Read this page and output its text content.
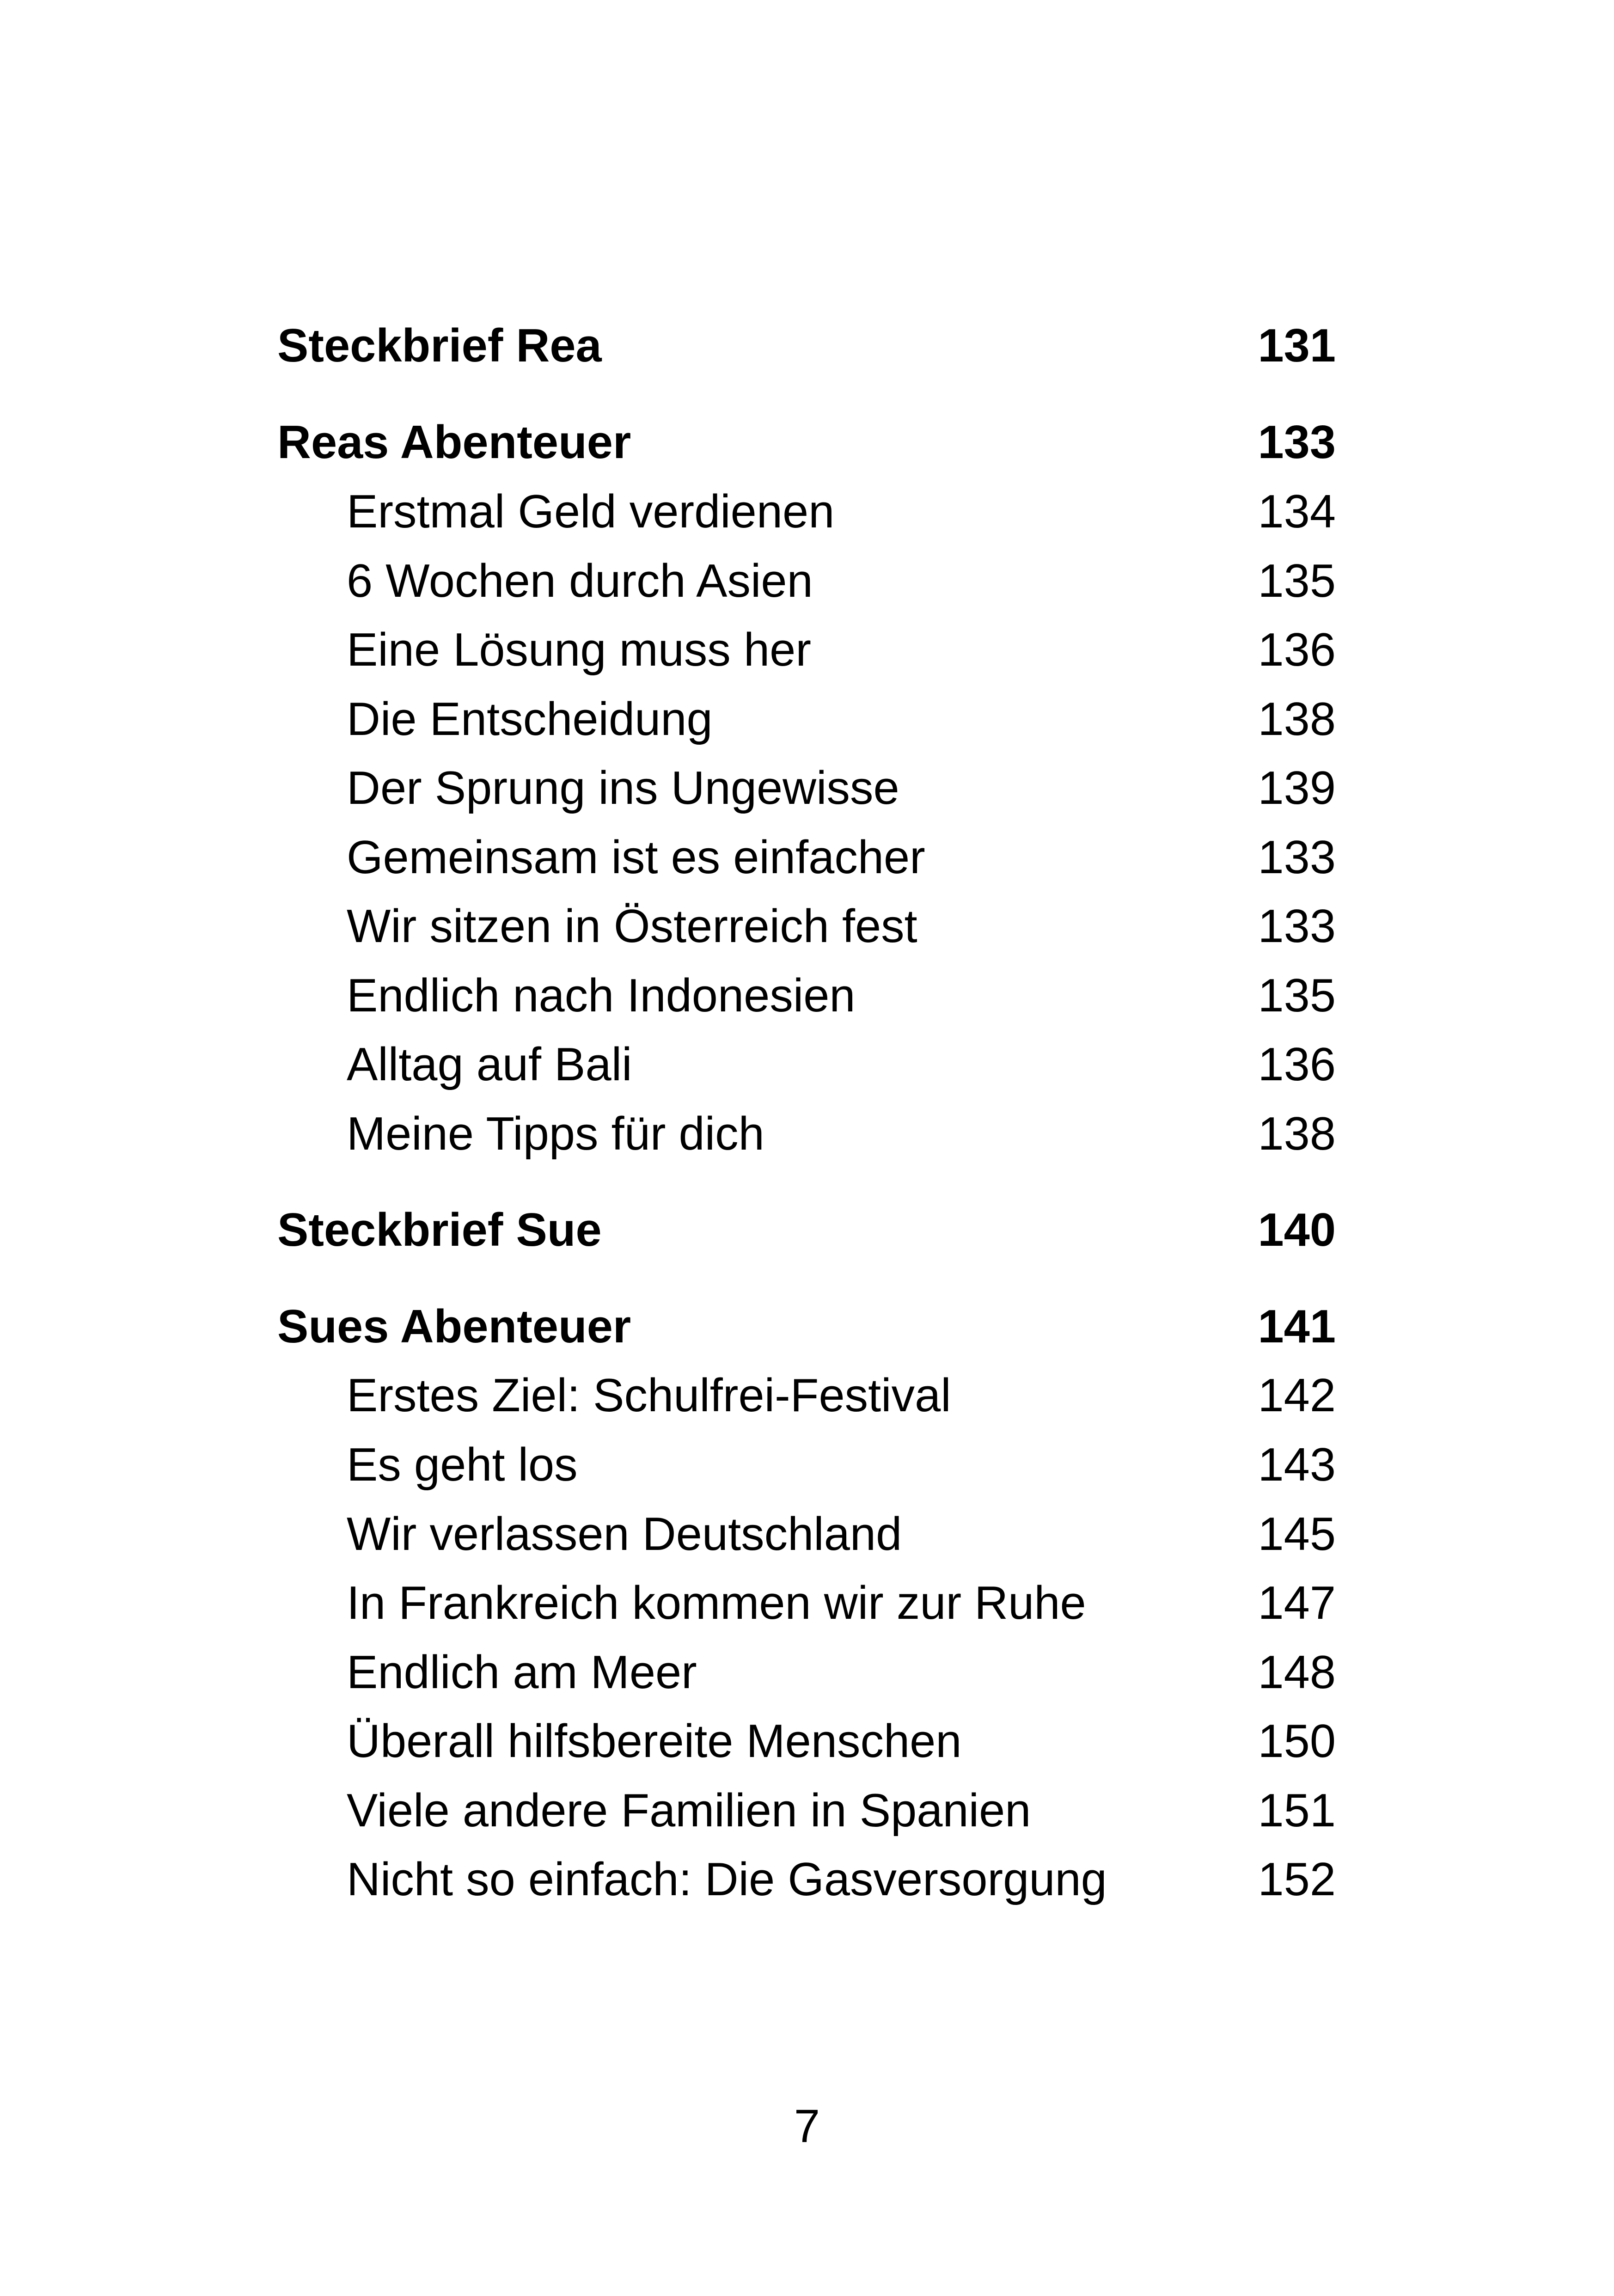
Steckbrief Rea	131
Reas Abenteuer	133
Erstmal Geld verdienen	134
6 Wochen durch Asien	135
Eine Lösung muss her	136
Die Entscheidung	138
Der Sprung ins Ungewisse	139
Gemeinsam ist es einfacher	133
Wir sitzen in Österreich fest	133
Endlich nach Indonesien	135
Alltag auf Bali	136
Meine Tipps für dich	138
Steckbrief Sue	140
Sues Abenteuer	141
Erstes Ziel: Schulfrei-Festival	142
Es geht los	143
Wir verlassen Deutschland	145
In Frankreich kommen wir zur Ruhe	147
Endlich am Meer	148
Überall hilfsbereite Menschen	150
Viele andere Familien in Spanien	151
Nicht so einfach: Die Gasversorgung	152
7
